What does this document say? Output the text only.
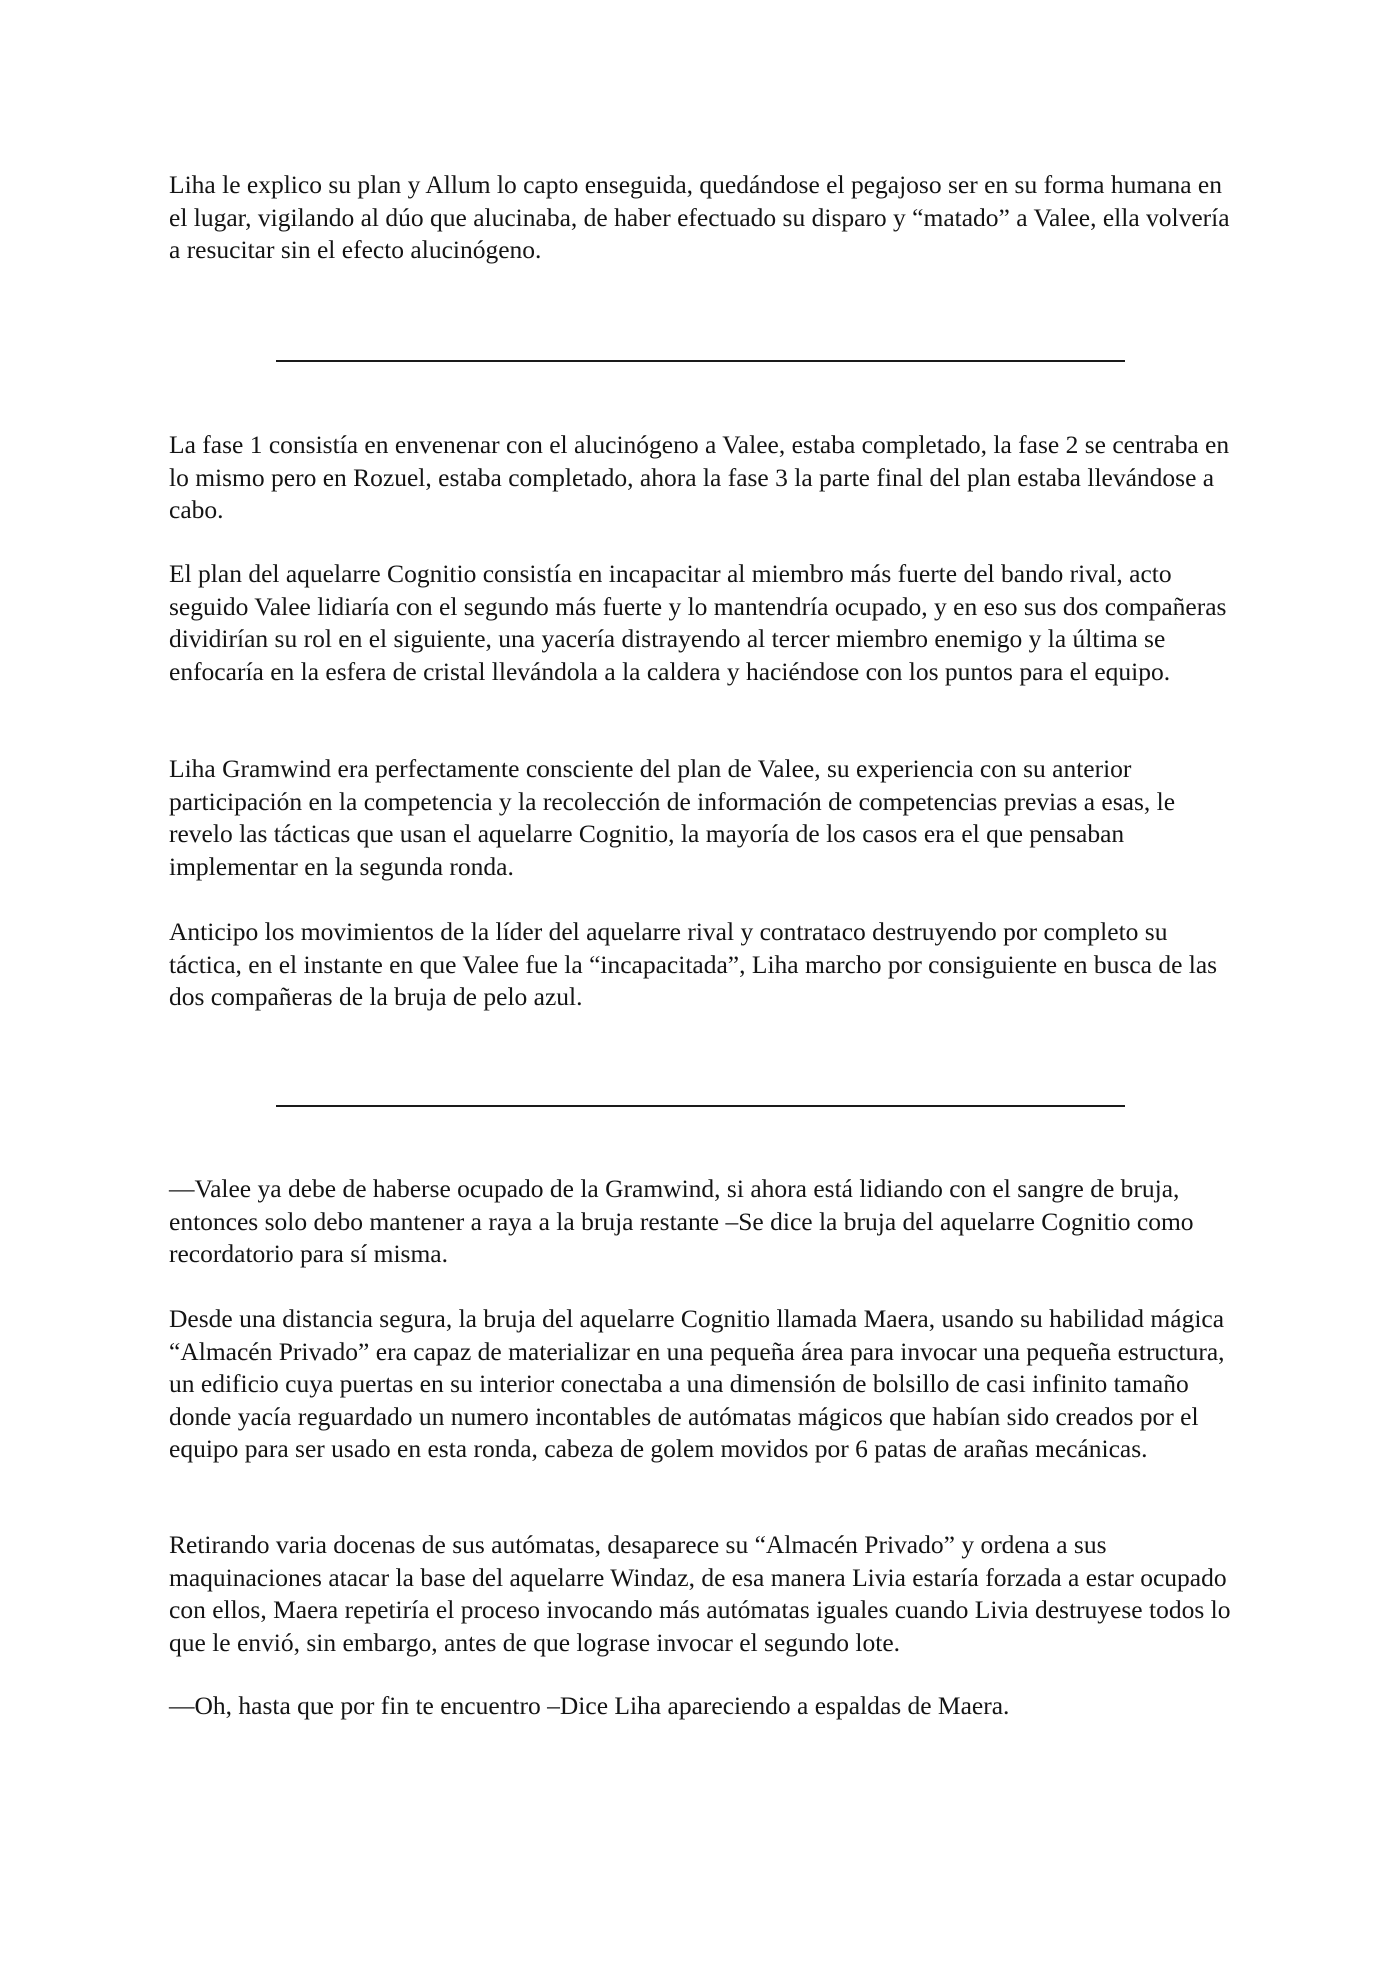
Liha le explico su plan y Allum lo capto enseguida, quedándose el pegajoso ser en su forma humana en el lugar, vigilando al dúo que alucinaba, de haber efectuado su disparo y “matado” a Valee, ella volvería a resucitar sin el efecto alucinógeno.

La fase 1 consistía en envenenar con el alucinógeno a Valee, estaba completado, la fase 2 se centraba en lo mismo pero en Rozuel, estaba completado, ahora la fase 3 la parte final del plan estaba llevándose a cabo.

El plan del aquelarre Cognitio consistía en incapacitar al miembro más fuerte del bando rival, acto seguido Valee lidiaría con el segundo más fuerte y lo mantendría ocupado, y en eso sus dos compañeras dividirían su rol en el siguiente, una yacería distrayendo al tercer miembro enemigo y la última se enfocaría en la esfera de cristal llevándola a la caldera y haciéndose con los puntos para el equipo.

Liha Gramwind era perfectamente consciente del plan de Valee, su experiencia con su anterior participación en la competencia y la recolección de información de competencias previas a esas, le revelo las tácticas que usan el aquelarre Cognitio, la mayoría de los casos era el que pensaban implementar en la segunda ronda.

Anticipo los movimientos de la líder del aquelarre rival y contrataco destruyendo por completo su táctica, en el instante en que Valee fue la “incapacitada”, Liha marcho por consiguiente en busca de las dos compañeras de la bruja de pelo azul.

—Valee ya debe de haberse ocupado de la Gramwind, si ahora está lidiando con el sangre de bruja, entonces solo debo mantener a raya a la bruja restante –Se dice la bruja del aquelarre Cognitio como recordatorio para sí misma.

Desde una distancia segura, la bruja del aquelarre Cognitio llamada Maera, usando su habilidad mágica “Almacén Privado” era capaz de materializar en una pequeña área para invocar una pequeña estructura, un edificio cuya puertas en su interior conectaba a una dimensión de bolsillo de casi infinito tamaño donde yacía reguardado un numero incontables de autómatas mágicos que habían sido creados por el equipo para ser usado en esta ronda, cabeza de golem movidos por 6 patas de arañas mecánicas.

Retirando varia docenas de sus autómatas, desaparece su “Almacén Privado” y ordena a sus maquinaciones atacar la base del aquelarre Windaz, de esa manera Livia estaría forzada a estar ocupado con ellos, Maera repetiría el proceso invocando más autómatas iguales cuando Livia destruyese todos lo que le envió, sin embargo, antes de que lograse invocar el segundo lote.

—Oh, hasta que por fin te encuentro –Dice Liha apareciendo a espaldas de Maera.
